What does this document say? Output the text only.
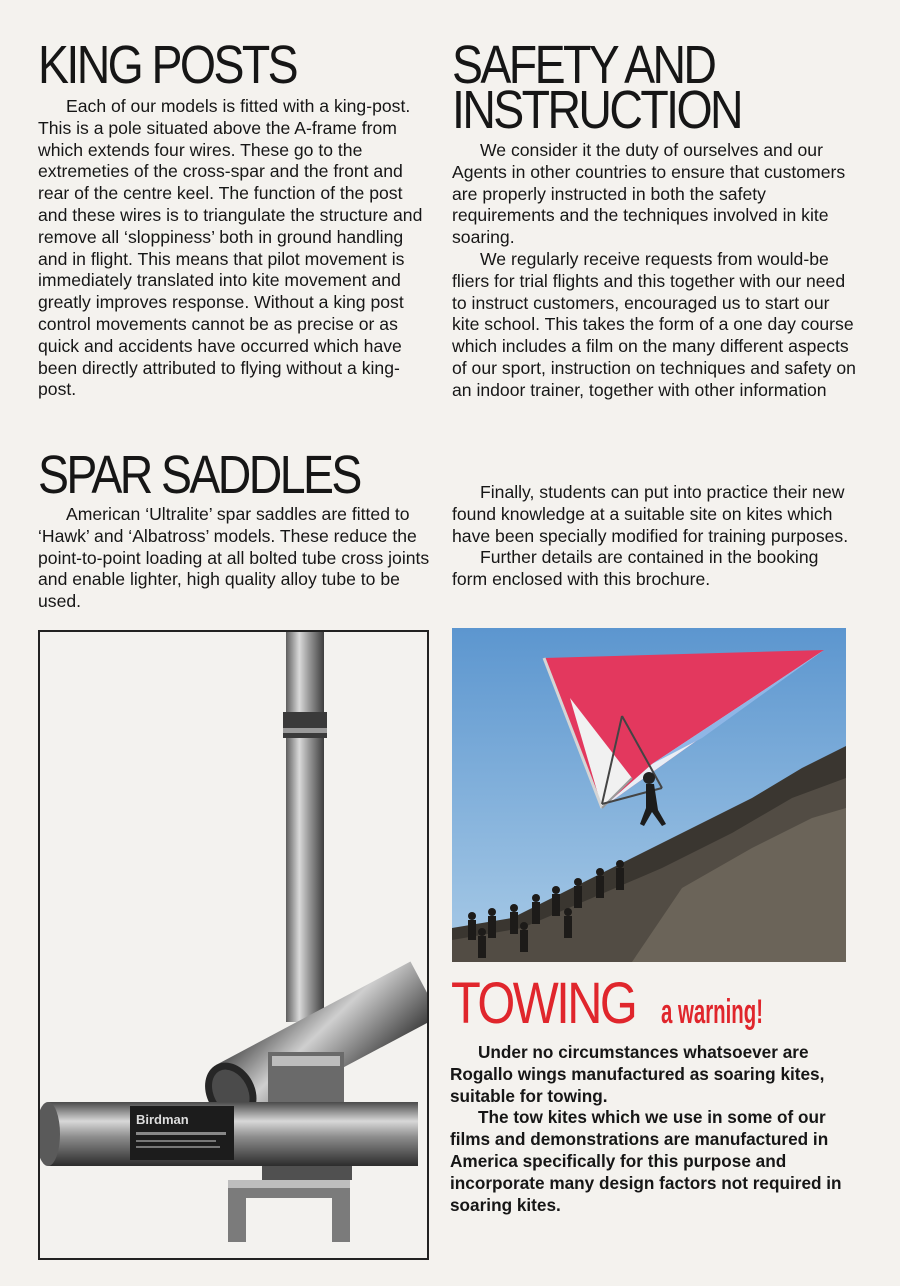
KING POSTS

Each of our models is fitted with a king-post. This is a pole situated above the A-frame from which extends four wires. These go to the extremeties of the cross-spar and the front and rear of the centre keel. The function of the post and these wires is to triangulate the structure and remove all ‘sloppiness’ both in ground handling and in flight. This means that pilot movement is immediately translated into kite movement and greatly improves response. Without a king post control movements cannot be as precise or as quick and accidents have occurred which have been directly attributed to flying without a king-post.

SPAR SADDLES

American ‘Ultralite’ spar saddles are fitted to ‘Hawk’ and ‘Albatross’ models. These reduce the point-to-point loading at all bolted tube cross joints and enable lighter, high quality alloy tube to be used.

SAFETY AND
INSTRUCTION

We consider it the duty of ourselves and our Agents in other countries to ensure that customers are properly instructed in both the safety requirements and the techniques involved in kite soaring.

We regularly receive requests from would-be fliers for trial flights and this together with our need to instruct customers, encouraged us to start our kite school. This takes the form of a one day course which includes a film on the many different aspects of our sport, instruction on techniques and safety on an indoor trainer, together with other information

Finally, students can put into practice their new found knowledge at a suitable site on kites which have been specially modified for training purposes.

Further details are contained in the booking form enclosed with this brochure.

Birdman
TOWING a warning!

Under no circumstances whatsoever are Rogallo wings manufactured as soaring kites, suitable for towing.

The tow kites which we use in some of our films and demonstrations are manufactured in America specifically for this purpose and incorporate many design factors not required in soaring kites.
